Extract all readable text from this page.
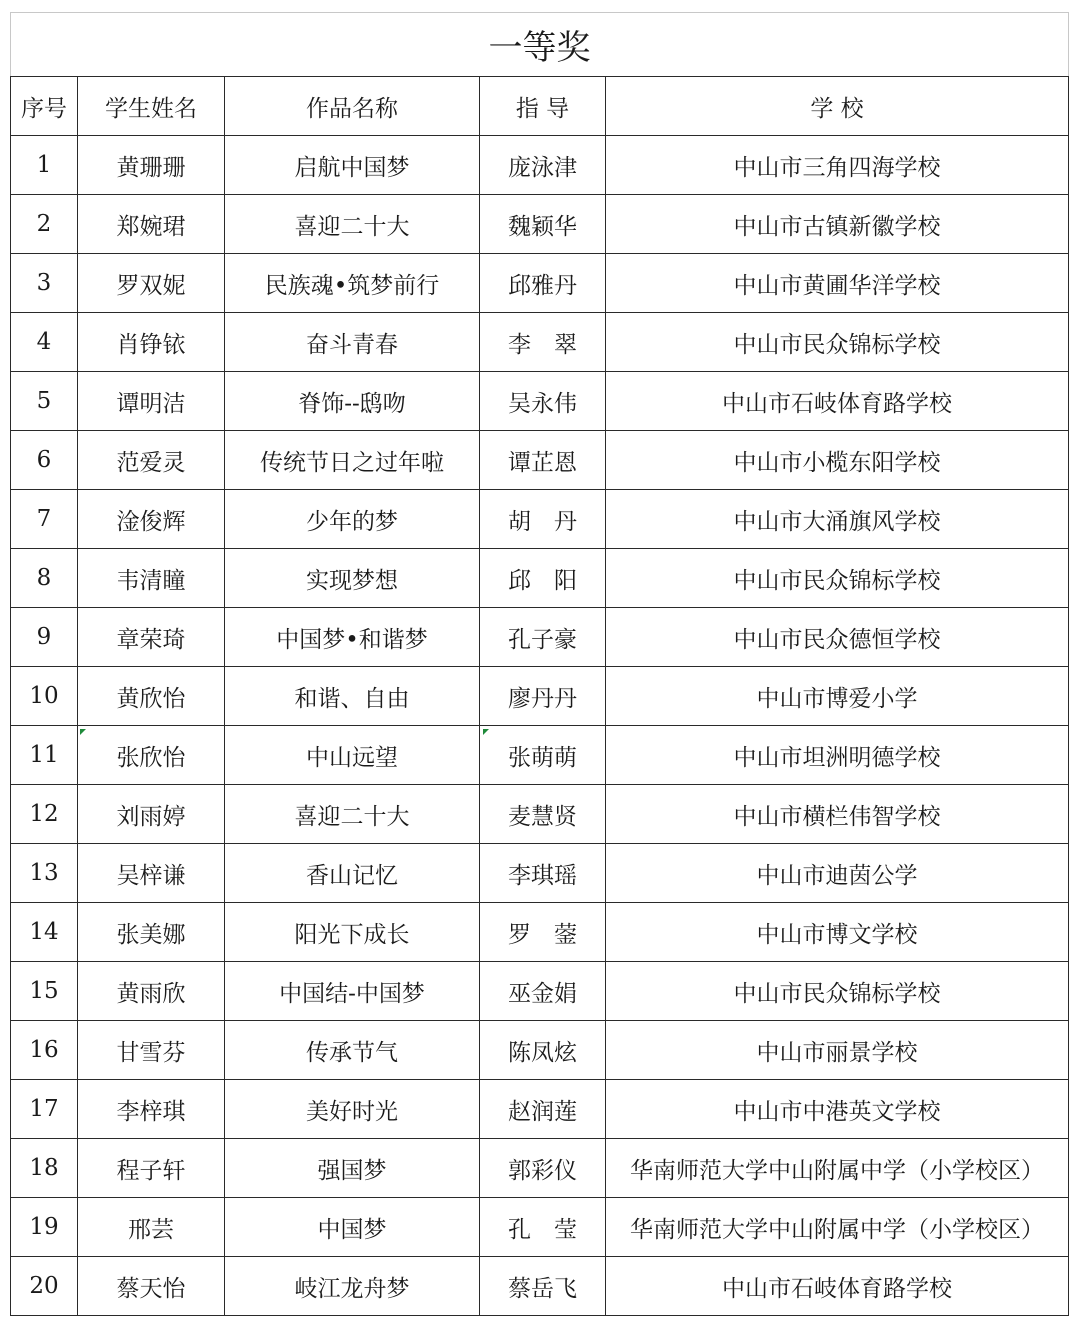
一等奖				
序号	学生姓名	作品名称	指 导	学 校
1	黄珊珊	启航中国梦	庞泳津	中山市三角四海学校
2	郑婉珺	喜迎二十大	魏颖华	中山市古镇新徽学校
3	罗双妮	民族魂•筑梦前行	邱雅丹	中山市黄圃华洋学校
4	肖铮铱	奋斗青春	李　翠	中山市民众锦标学校
5	谭明洁	脊饰--鸱吻	吴永伟	中山市石岐体育路学校
6	范爱灵	传统节日之过年啦	谭芷恩	中山市小榄东阳学校
7	淦俊辉	少年的梦	胡　丹	中山市大涌旗风学校
8	韦清瞳	实现梦想	邱　阳	中山市民众锦标学校
9	章荣琦	中国梦•和谐梦	孔子豪	中山市民众德恒学校
10	黄欣怡	和谐、自由	廖丹丹	中山市博爱小学
11	张欣怡	中山远望	张萌萌	中山市坦洲明德学校
12	刘雨婷	喜迎二十大	麦慧贤	中山市横栏伟智学校
13	吴梓谦	香山记忆	李琪瑶	中山市迪茵公学
14	张美娜	阳光下成长	罗　蓥	中山市博文学校
15	黄雨欣	中国结-中国梦	巫金娟	中山市民众锦标学校
16	甘雪芬	传承节气	陈凤炫	中山市丽景学校
17	李梓琪	美好时光	赵润莲	中山市中港英文学校
18	程子轩	强国梦	郭彩仪	华南师范大学中山附属中学（小学校区）
19	邢芸	中国梦	孔　莹	华南师范大学中山附属中学（小学校区）
20	蔡天怡	岐江龙舟梦	蔡岳飞	中山市石岐体育路学校
